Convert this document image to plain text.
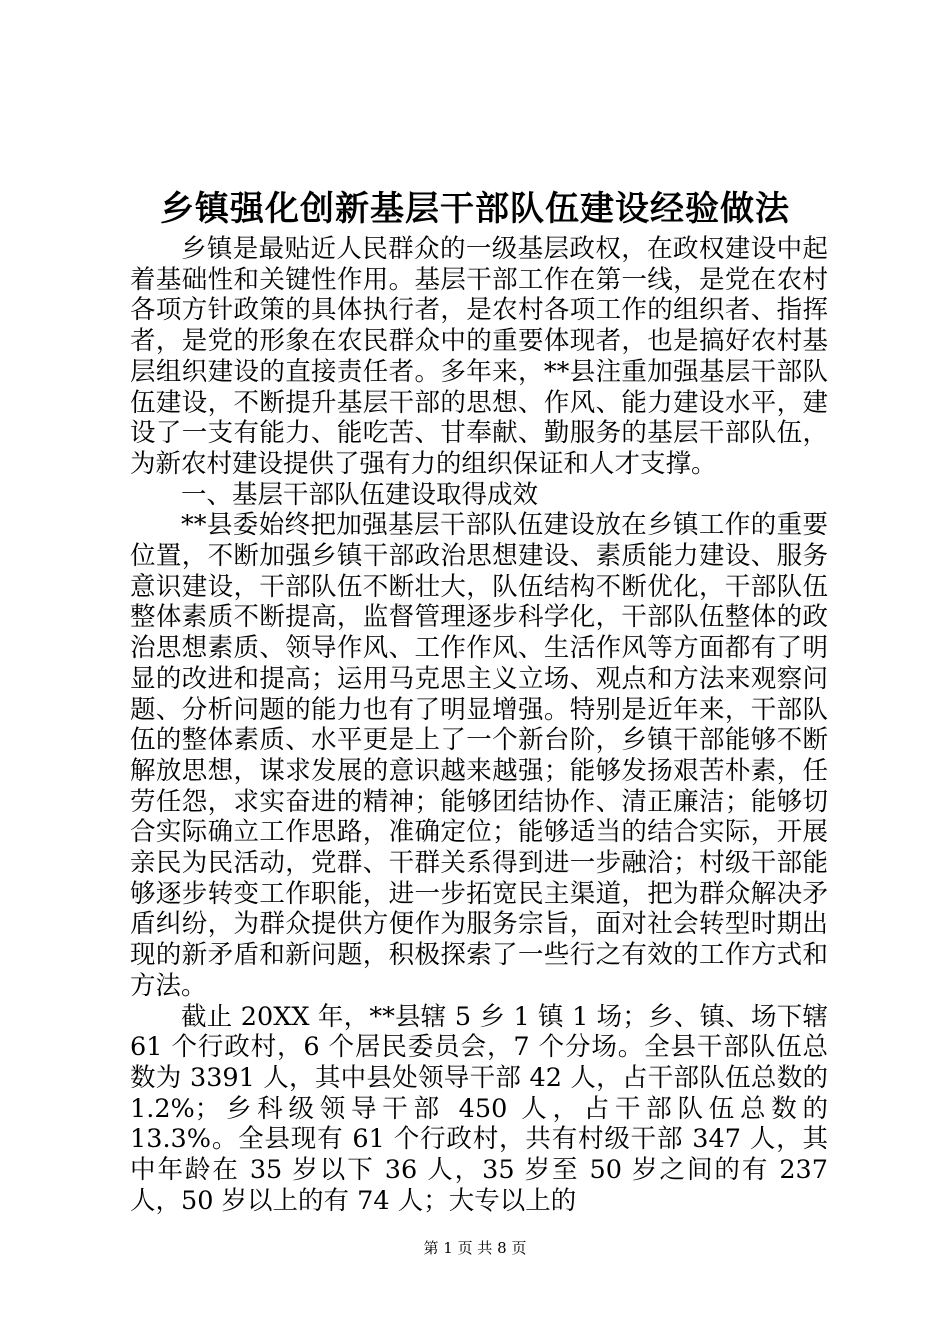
乡镇强化创新基层干部队伍建设经验做法

乡镇是最贴近人民群众的一级基层政权，在政权建设中起着基础性和关键性作用。基层干部工作在第一线，是党在农村各项方针政策的具体执行者，是农村各项工作的组织者、指挥者，是党的形象在农民群众中的重要体现者，也是搞好农村基层组织建设的直接责任者。多年来，**县注重加强基层干部队伍建设，不断提升基层干部的思想、作风、能力建设水平，建设了一支有能力、能吃苦、甘奉献、勤服务的基层干部队伍，为新农村建设提供了强有力的组织保证和人才支撑。

一、基层干部队伍建设取得成效

**县委始终把加强基层干部队伍建设放在乡镇工作的重要位置，不断加强乡镇干部政治思想建设、素质能力建设、服务意识建设，干部队伍不断壮大，队伍结构不断优化，干部队伍整体素质不断提高，监督管理逐步科学化，干部队伍整体的政治思想素质、领导作风、工作作风、生活作风等方面都有了明显的改进和提高；运用马克思主义立场、观点和方法来观察问题、分析问题的能力也有了明显增强。特别是近年来，干部队伍的整体素质、水平更是上了一个新台阶，乡镇干部能够不断解放思想，谋求发展的意识越来越强；能够发扬艰苦朴素，任劳任怨，求实奋进的精神；能够团结协作、清正廉洁；能够切合实际确立工作思路，准确定位；能够适当的结合实际，开展亲民为民活动，党群、干群关系得到进一步融洽；村级干部能够逐步转变工作职能，进一步拓宽民主渠道，把为群众解决矛盾纠纷，为群众提供方便作为服务宗旨，面对社会转型时期出现的新矛盾和新问题，积极探索了一些行之有效的工作方式和方法。

截止 20XX 年，**县辖 5 乡 1 镇 1 场；乡、镇、场下辖 61 个行政村，6 个居民委员会，7 个分场。全县干部队伍总数为 3391 人，其中县处领导干部 42 人，占干部队伍总数的 1.2%；乡科级领导干部 450 人，占干部队伍总数的 13.3%。全县现有 61 个行政村，共有村级干部 347 人，其中年龄在 35 岁以下 36 人，35 岁至 50 岁之间的有 237 人，50 岁以上的有 74 人；大专以上的

第 1 页 共 8 页
